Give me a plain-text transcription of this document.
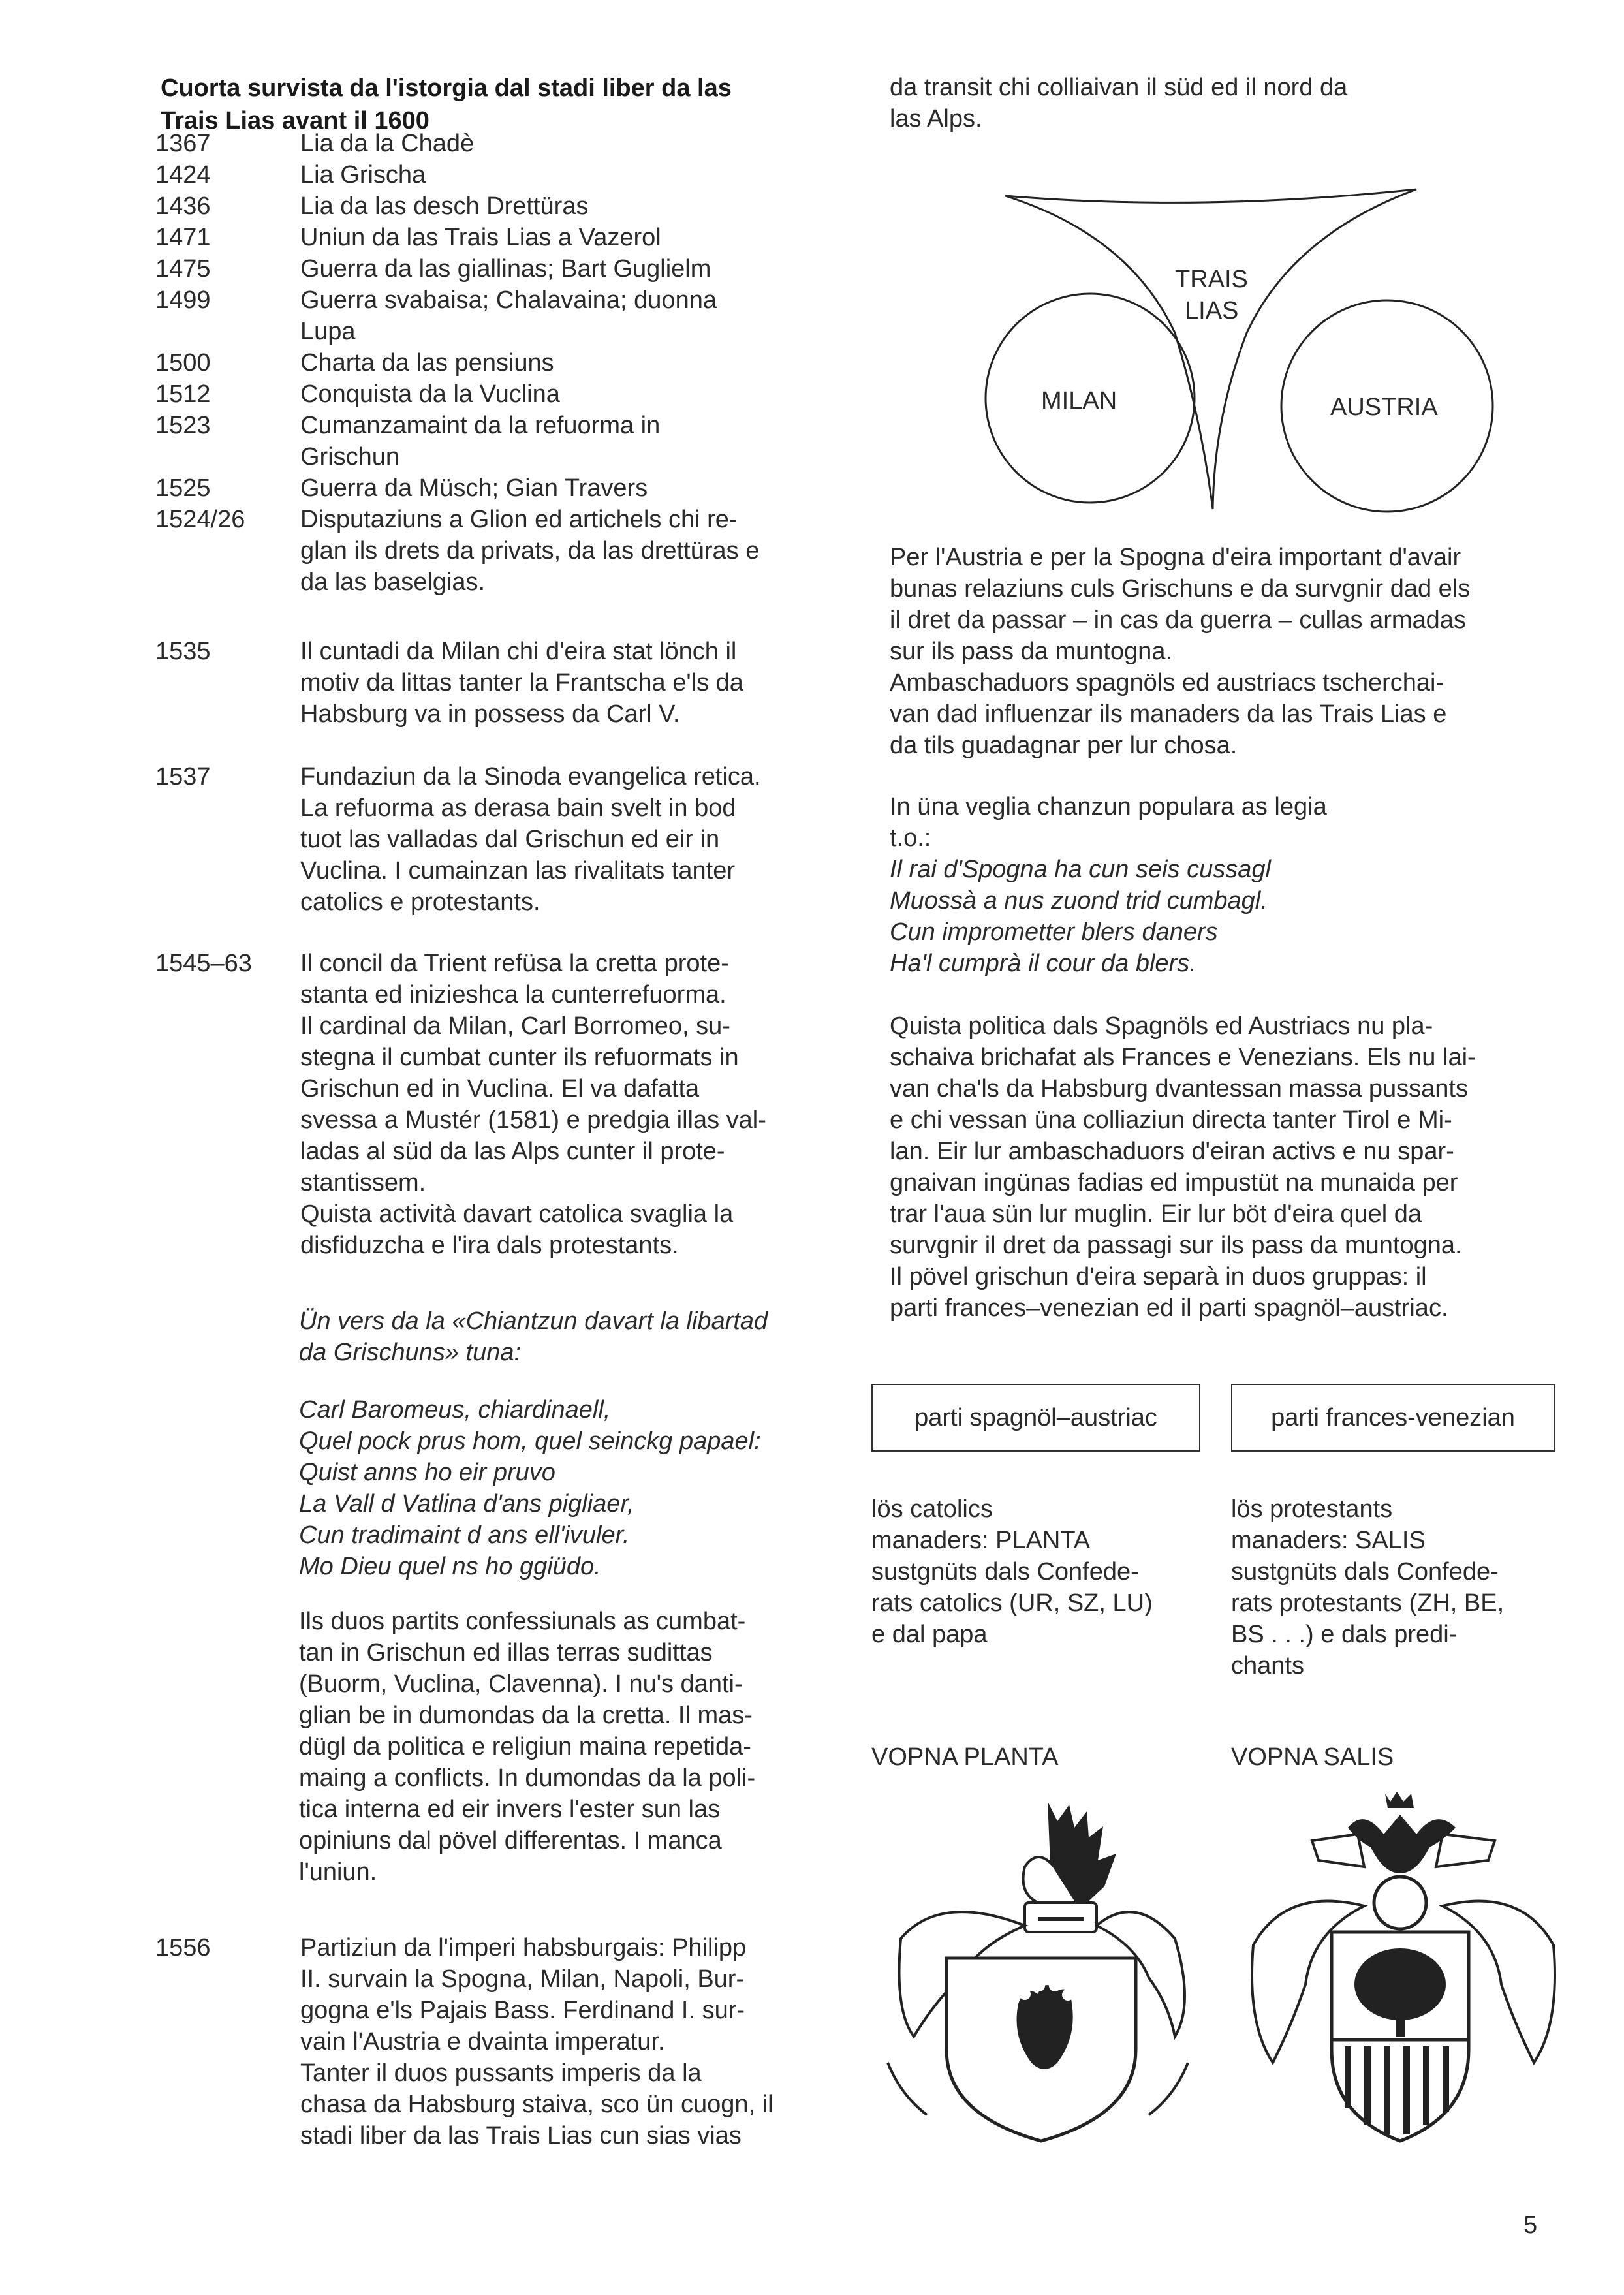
Cuorta survista da l'istorgia dal stadi liber da las
Trais Lias avant il 1600
1367	Lia da la Chadè
1424	Lia Grischa
1436	Lia da las desch Drettüras
1471	Uniun da las Trais Lias a Vazerol
1475	Guerra da las giallinas; Bart Guglielm
1499	Guerra svabaisa; Chalavaina; duonna
Lupa
1500	Charta da las pensiuns
1512	Conquista da la Vuclina
1523	Cumanzamaint da la refuorma in
Grischun
1525	Guerra da Müsch; Gian Travers
1524/26	Disputaziuns a Glion ed artichels chi re-
glan ils drets da privats, da las drettüras e
da las baselgias.
1535	Il cuntadi da Milan chi d'eira stat lönch il
motiv da littas tanter la Frantscha e'ls da
Habsburg va in possess da Carl V.
1537	Fundaziun da la Sinoda evangelica retica.
La refuorma as derasa bain svelt in bod
tuot las valladas dal Grischun ed eir in
Vuclina. I cumainzan las rivalitats tanter
catolics e protestants.
1545–63	Il concil da Trient refüsa la cretta prote-
stanta ed inizieshca la cunterrefuorma.
Il cardinal da Milan, Carl Borromeo, su-
stegna il cumbat cunter ils refuormats in
Grischun ed in Vuclina. El va dafatta
svessa a Mustér (1581) e predgia illas val-
ladas al süd da las Alps cunter il prote-
stantissem.
Quista actività davart catolica svaglia la
disfiduzcha e l'ira dals protestants.
Ün vers da la «Chiantzun davart la libartad
da Grischuns» tuna:
Carl Baromeus, chiardinaell,
Quel pock prus hom, quel seinckg papael:
Quist anns ho eir pruvo
La Vall d Vatlina d'ans pigliaer,
Cun tradimaint d ans ell'ivuler.
Mo Dieu quel ns ho ggiüdo.
Ils duos partits confessiunals as cumbat-
tan in Grischun ed illas terras sudittas
(Buorm, Vuclina, Clavenna). I nu's danti-
glian be in dumondas da la cretta. Il mas-
dügl da politica e religiun maina repetida-
maing a conflicts. In dumondas da la poli-
tica interna ed eir invers l'ester sun las
opiniuns dal pövel differentas. I manca
l'uniun.
1556	Partiziun da l'imperi habsburgais: Philipp
II. survain la Spogna, Milan, Napoli, Bur-
gogna e'ls Pajais Bass. Ferdinand I. sur-
vain l'Austria e dvainta imperatur.
Tanter il duos pussants imperis da la
chasa da Habsburg staiva, sco ün cuogn, il
stadi liber da las Trais Lias cun sias vias
da transit chi colliaivan il süd ed il nord da
las Alps.
MILAN	AUSTRIA
TRAIS
LIAS
Per l'Austria e per la Spogna d'eira important d'avair
bunas relaziuns culs Grischuns e da survgnir dad els
il dret da passar – in cas da guerra – cullas armadas
sur ils pass da muntogna.
Ambaschaduors spagnöls ed austriacs tscherchai-
van dad influenzar ils manaders da las Trais Lias e
da tils guadagnar per lur chosa.
In üna veglia chanzun populara as legia
t.o.:
Il rai d'Spogna ha cun seis cussagl
Muossà a nus zuond trid cumbagl.
Cun imprometter blers daners
Ha'l cumprà il cour da blers.
Quista politica dals Spagnöls ed Austriacs nu pla-
schaiva brichafat als Frances e Venezians. Els nu lai-
van cha'ls da Habsburg dvantessan massa pussants
e chi vessan üna colliaziun directa tanter Tirol e Mi-
lan. Eir lur ambaschaduors d'eiran activs e nu spar-
gnaivan ingünas fadias ed impustüt na munaida per
trar l'aua sün lur muglin. Eir lur böt d'eira quel da
survgnir il dret da passagi sur ils pass da muntogna.
Il pövel grischun d'eira separà in duos gruppas: il
parti frances–venezian ed il parti spagnöl–austriac.
parti spagnöl–austriac	parti frances-venezian
lös catolics
manaders: PLANTA
sustgnüts dals Confede-
rats catolics (UR, SZ, LU)
e dal papa
lös protestants
manaders: SALIS
sustgnüts dals Confede-
rats protestants (ZH, BE,
BS . . .) e dals predi-
chants
VOPNA PLANTA	VOPNA SALIS
5
